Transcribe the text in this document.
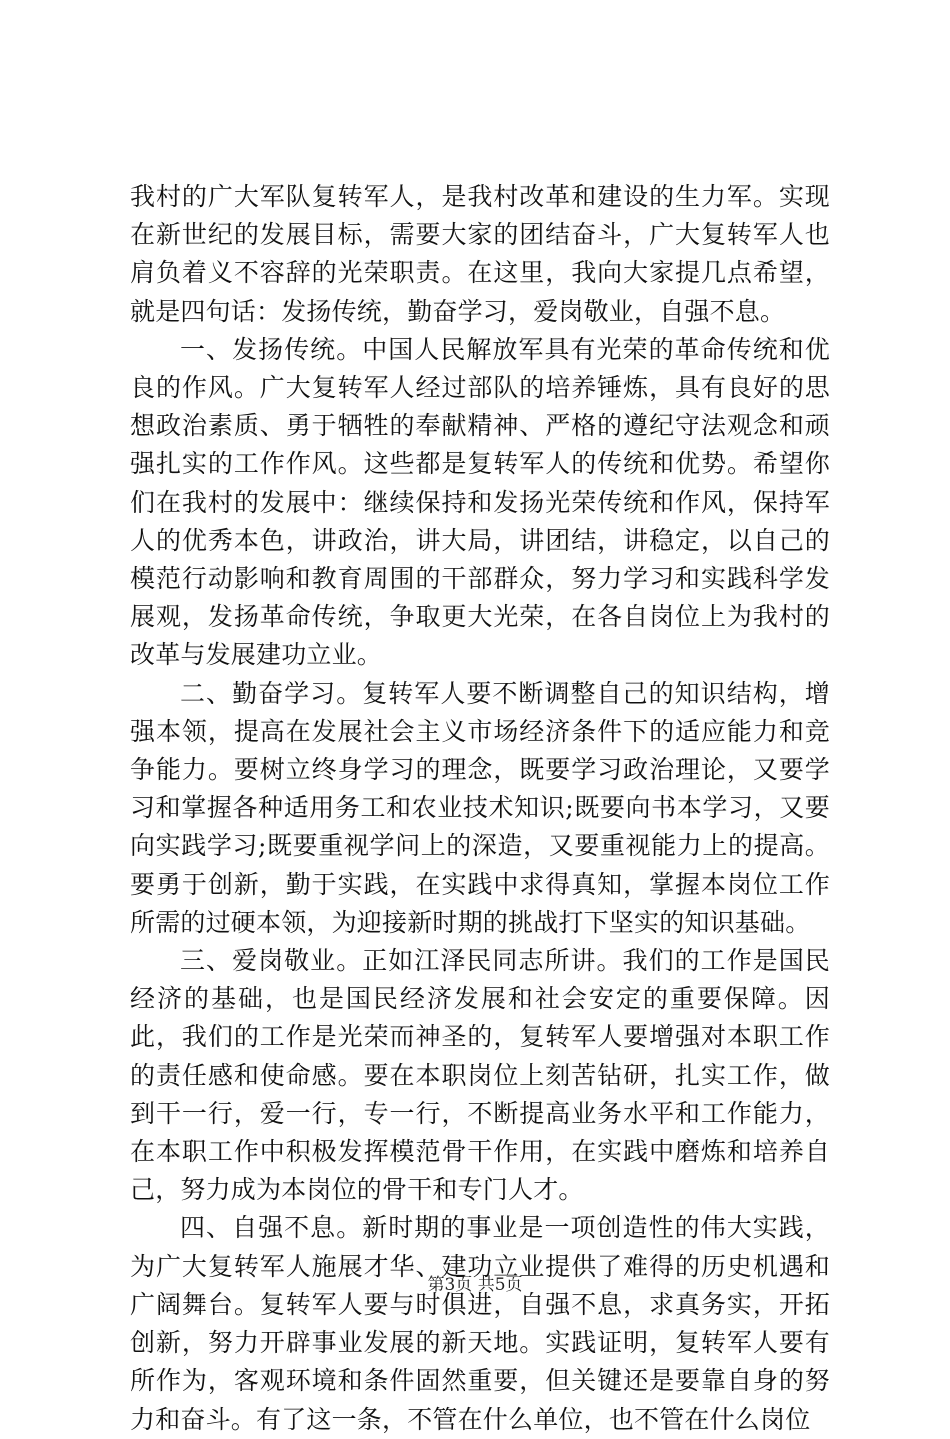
我村的广大军队复转军人，是我村改革和建设的生力军。实现在新世纪的发展目标，需要大家的团结奋斗，广大复转军人也肩负着义不容辞的光荣职责。在这里，我向大家提几点希望，就是四句话：发扬传统，勤奋学习，爱岗敬业，自强不息。

一、发扬传统。中国人民解放军具有光荣的革命传统和优良的作风。广大复转军人经过部队的培养锤炼，具有良好的思想政治素质、勇于牺牲的奉献精神、严格的遵纪守法观念和顽强扎实的工作作风。这些都是复转军人的传统和优势。希望你们在我村的发展中：继续保持和发扬光荣传统和作风，保持军人的优秀本色，讲政治，讲大局，讲团结，讲稳定，以自己的模范行动影响和教育周围的干部群众，努力学习和实践科学发展观，发扬革命传统，争取更大光荣，在各自岗位上为我村的改革与发展建功立业。

二、勤奋学习。复转军人要不断调整自己的知识结构，增强本领，提高在发展社会主义市场经济条件下的适应能力和竞争能力。要树立终身学习的理念，既要学习政治理论，又要学习和掌握各种适用务工和农业技术知识;既要向书本学习，又要向实践学习;既要重视学问上的深造，又要重视能力上的提高。要勇于创新，勤于实践，在实践中求得真知，掌握本岗位工作所需的过硬本领，为迎接新时期的挑战打下坚实的知识基础。

三、爱岗敬业。正如江泽民同志所讲。我们的工作是国民经济的基础，也是国民经济发展和社会安定的重要保障。因此，我们的工作是光荣而神圣的，复转军人要增强对本职工作的责任感和使命感。要在本职岗位上刻苦钻研，扎实工作，做到干一行，爱一行，专一行，不断提高业务水平和工作能力，在本职工作中积极发挥模范骨干作用，在实践中磨炼和培养自己，努力成为本岗位的骨干和专门人才。

四、自强不息。新时期的事业是一项创造性的伟大实践，为广大复转军人施展才华、建功立业提供了难得的历史机遇和广阔舞台。复转军人要与时俱进，自强不息，求真务实，开拓创新，努力开辟事业发展的新天地。实践证明，复转军人要有所作为，客观环境和条件固然重要，但关键还是要靠自身的努力和奋斗。有了这一条，不管在什么单位，也不管在什么岗位

第3页 共5页
